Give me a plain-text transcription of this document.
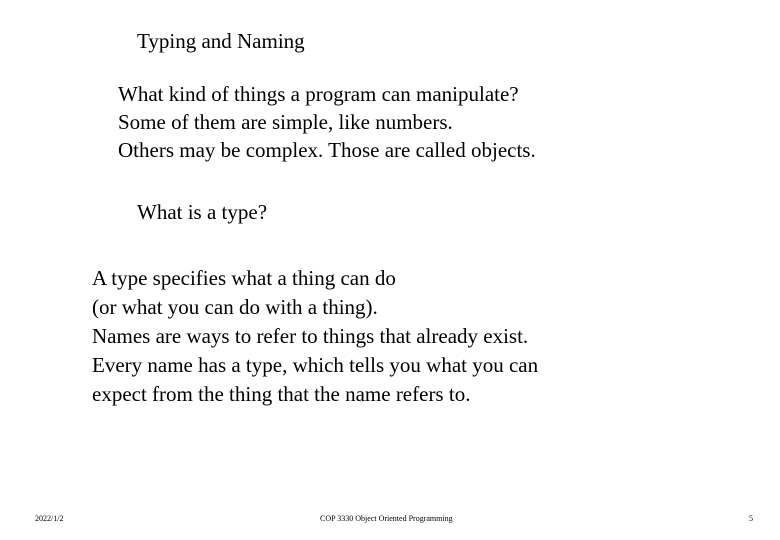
Typing and Naming
What kind of things a program can manipulate?
Some of them are simple, like numbers.
Others may be complex. Those are called objects.
What is a type?
A type specifies what a thing can do
(or what you can do with a thing).
Names are ways to refer to things that already exist.
Every name has a type, which tells you what you can
expect from the thing that the name refers to.
2022/1/2	COP 3330 Object Oriented Programming	5
